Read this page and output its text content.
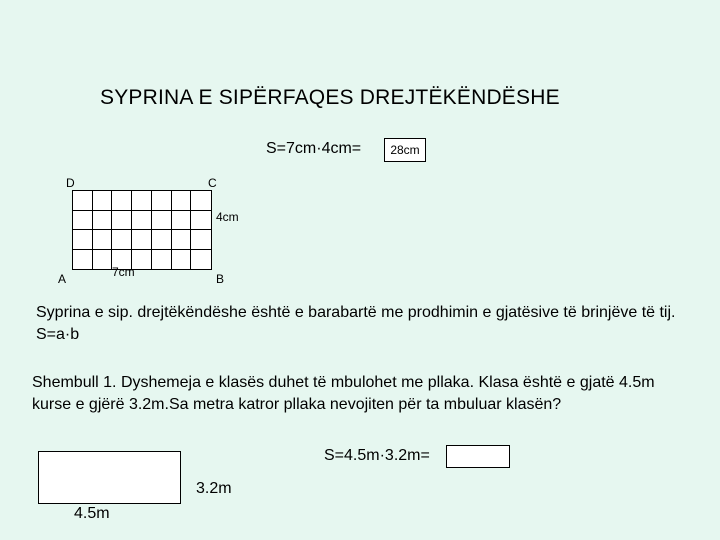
SYPRINA E SIPËRFAQES DREJTËKËNDËSHE
S=7cm·4cm=	28cm
D	C
4cm
A	7cm	B
Syprina e sip. drejtëkëndëshe është e barabartë me prodhimin e gjatësive të brinjëve të tij. S=a·b
Shembull 1. Dyshemeja e klasës duhet të mbulohet me pllaka. Klasa është e gjatë 4.5m kurse e gjërë 3.2m.Sa metra katror pllaka nevojiten për ta mbuluar klasën?
S=4.5m·3.2m=
3.2m
4.5m
